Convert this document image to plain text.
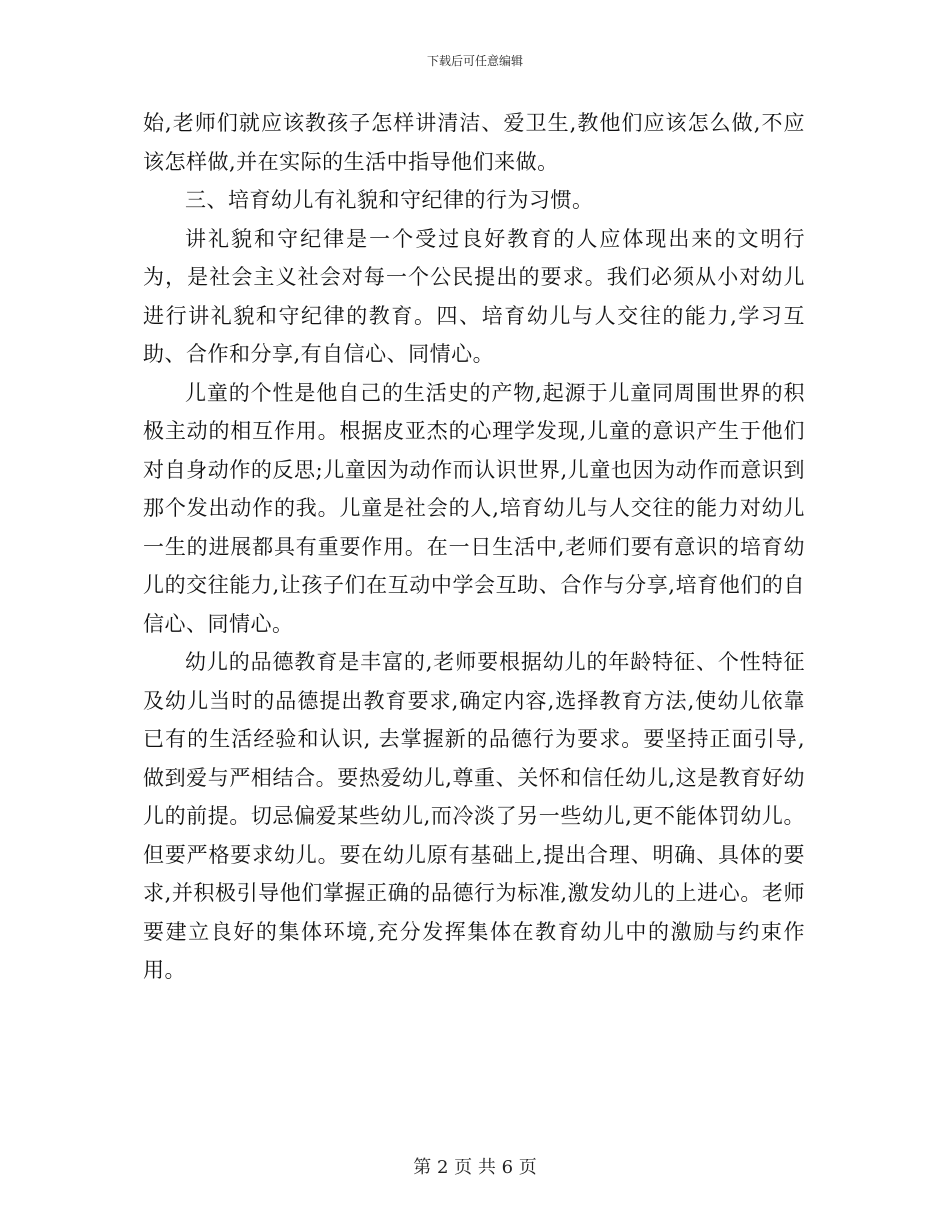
下载后可任意编辑

始,老师们就应该教孩子怎样讲清洁、爱卫生,教他们应该怎么做,不应该怎样做,并在实际的生活中指导他们来做。

三、培育幼儿有礼貌和守纪律的行为习惯。

讲礼貌和守纪律是一个受过良好教育的人应体现出来的文明行为，是社会主义社会对每一个公民提出的要求。我们必须从小对幼儿进行讲礼貌和守纪律的教育。四、培育幼儿与人交往的能力,学习互助、合作和分享,有自信心、同情心。

儿童的个性是他自己的生活史的产物,起源于儿童同周围世界的积极主动的相互作用。根据皮亚杰的心理学发现,儿童的意识产生于他们对自身动作的反思;儿童因为动作而认识世界,儿童也因为动作而意识到那个发出动作的我。儿童是社会的人,培育幼儿与人交往的能力对幼儿一生的进展都具有重要作用。在一日生活中,老师们要有意识的培育幼儿的交往能力,让孩子们在互动中学会互助、合作与分享,培育他们的自信心、同情心。

幼儿的品德教育是丰富的,老师要根据幼儿的年龄特征、个性特征及幼儿当时的品德提出教育要求,确定内容,选择教育方法,使幼儿依靠已有的生活经验和认识, 去掌握新的品德行为要求。要坚持正面引导,做到爱与严相结合。要热爱幼儿,尊重、关怀和信任幼儿,这是教育好幼儿的前提。切忌偏爱某些幼儿,而冷淡了另一些幼儿,更不能体罚幼儿。但要严格要求幼儿。要在幼儿原有基础上,提出合理、明确、具体的要求,并积极引导他们掌握正确的品德行为标准,激发幼儿的上进心。老师要建立良好的集体环境,充分发挥集体在教育幼儿中的激励与约束作用。

第 2 页 共 6 页
